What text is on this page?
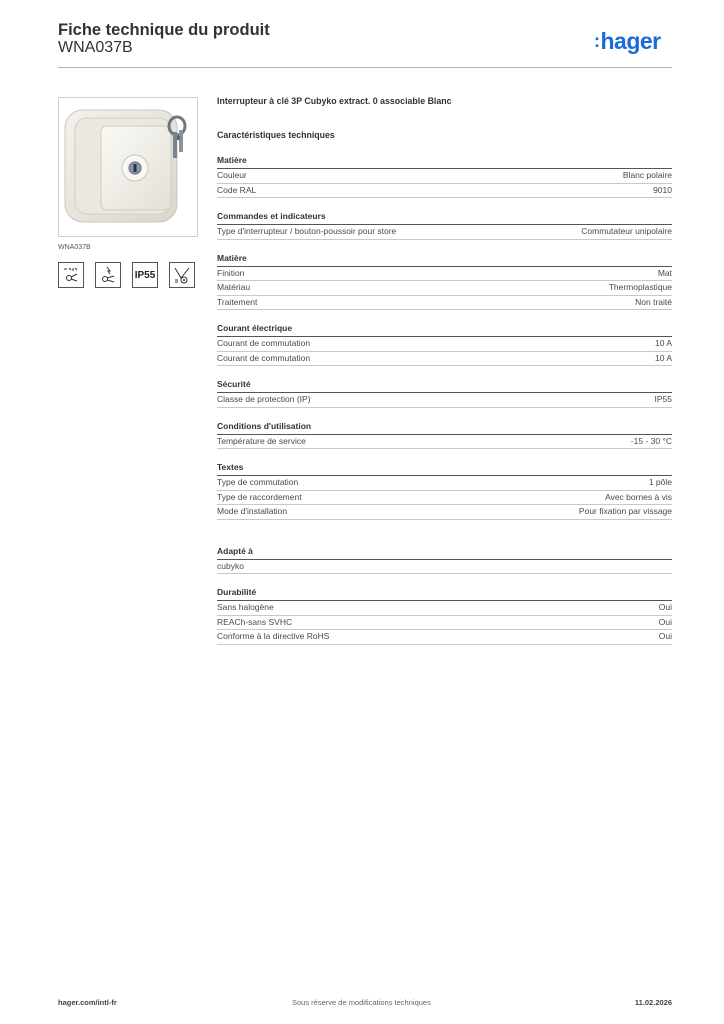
Fiche technique du produit
WNA037B	:hager
WNA037B
IP55
Interrupteur à clé 3P Cubyko extract. 0 associable Blanc
Caractéristiques techniques
Matière
Couleur	Blanc polaire
Code RAL	9010
Commandes et indicateurs
Type d'interrupteur / bouton-poussoir pour store	Commutateur unipolaire
Matière
Finition	Mat
Matériau	Thermoplastique
Traitement	Non traité
Courant électrique
Courant de commutation	10 A
Courant de commutation	10 A
Sécurité
Classe de protection (IP)	IP55
Conditions d'utilisation
Température de service	-15 - 30 °C
Textes
Type de commutation	1 pôle
Type de raccordement	Avec bornes à vis
Mode d'installation	Pour fixation par vissage
Adapté à
cubyko
Durabilité
Sans halogène	Oui
REACh-sans SVHC	Oui
Conforme à la directive RoHS	Oui
hager.com/intl-fr	Sous réserve de modifications techniques	11.02.2026
